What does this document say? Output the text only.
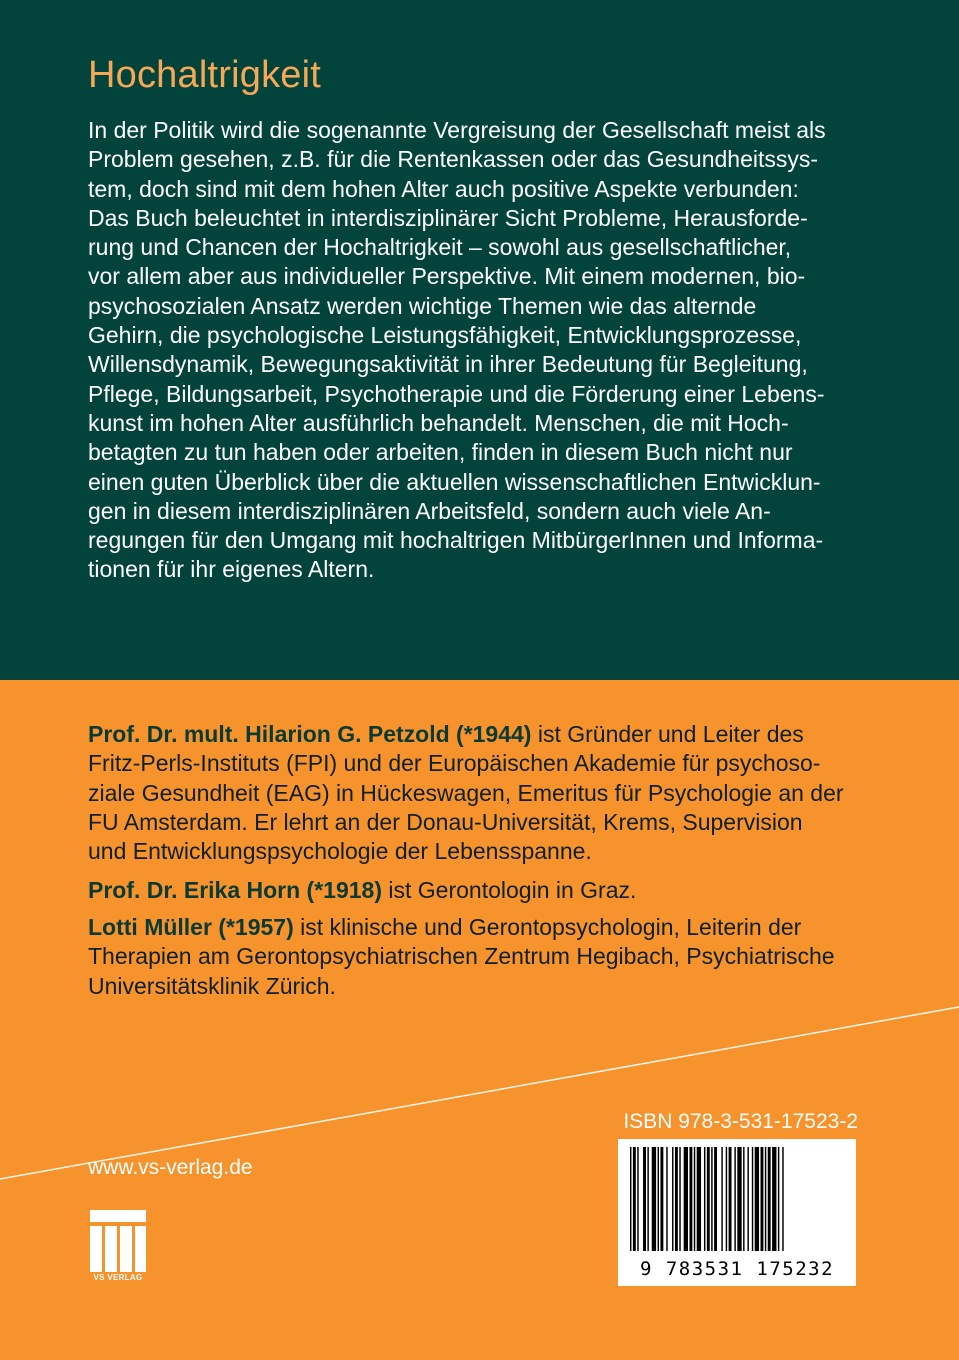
Hochaltrigkeit
In der Politik wird die sogenannte Vergreisung der Gesellschaft meist als
Problem gesehen, z.B. für die Rentenkassen oder das Gesundheitssys-
tem, doch sind mit dem hohen Alter auch positive Aspekte verbunden:
Das Buch beleuchtet in interdisziplinärer Sicht Probleme, Herausforde-
rung und Chancen der Hochaltrigkeit – sowohl aus gesellschaftlicher,
vor allem aber aus individueller Perspektive. Mit einem modernen, bio-
psychosozialen Ansatz werden wichtige Themen wie das alternde
Gehirn, die psychologische Leistungsfähigkeit, Entwicklungsprozesse,
Willensdynamik, Bewegungsaktivität in ihrer Bedeutung für Begleitung,
Pflege, Bildungsarbeit, Psychotherapie und die Förderung einer Lebens-
kunst im hohen Alter ausführlich behandelt. Menschen, die mit Hoch-
betagten zu tun haben oder arbeiten, finden in diesem Buch nicht nur
einen guten Überblick über die aktuellen wissenschaftlichen Entwicklun-
gen in diesem interdisziplinären Arbeitsfeld, sondern auch viele An-
regungen für den Umgang mit hochaltrigen MitbürgerInnen und Informa-
tionen für ihr eigenes Altern.
Prof. Dr. mult. Hilarion G. Petzold (*1944) ist Gründer und Leiter des
Fritz-Perls-Instituts (FPI) und der Europäischen Akademie für psychoso-
ziale Gesundheit (EAG) in Hückeswagen, Emeritus für Psychologie an der
FU Amsterdam. Er lehrt an der Donau-Universität, Krems, Supervision
und Entwicklungspsychologie der Lebensspanne.
Prof. Dr. Erika Horn (*1918) ist Gerontologin in Graz.
Lotti Müller (*1957) ist klinische und Gerontopsychologin, Leiterin der
Therapien am Gerontopsychiatrischen Zentrum Hegibach, Psychiatrische
Universitätsklinik Zürich.
www.vs-verlag.de
ISBN 978-3-531-17523-2
9 783531 175232
VS VERLAG
